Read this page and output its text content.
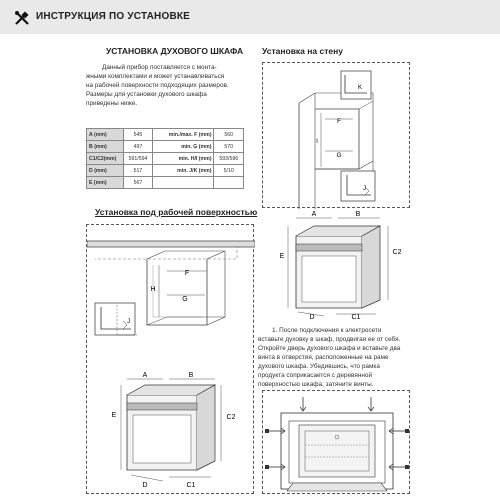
ИНСТРУКЦИЯ ПО УСТАНОВКЕ
УСТАНОВКА ДУХОВОГО ШКАФА
Данный прибор поставляется с монта-
жными комплектами и может устанавливаться
на рабочей поверхности подходящих размеров.
Размеры для установки духового шкафа
приведены ниже.
A (mm)	545	min./max. F (mm)	560
B (mm)	497	min. G (mm)	570
C1/C2(mm)	591/594	min. H/I (mm)	593/596
D (mm)	517	min. J/K (mm)	5/10
E (mm)	567		
Установка под рабочей поверхностью
F
G
H
J
A	B
E	C2
D	C1
Установка на стену
K
F
G
I
J
A	B
E
C2
D	C1
1. После подключения к электросети
вставьте духовку в шкаф, продвигая ее от себя.
Откройте дверь духового шкафа и вставьте два
винта в отверстия, расположенные на раме
духового шкафа. Убедившись, что рамка
продукта соприкасается с деревянной
поверхностью шкафа, затяните винты.
